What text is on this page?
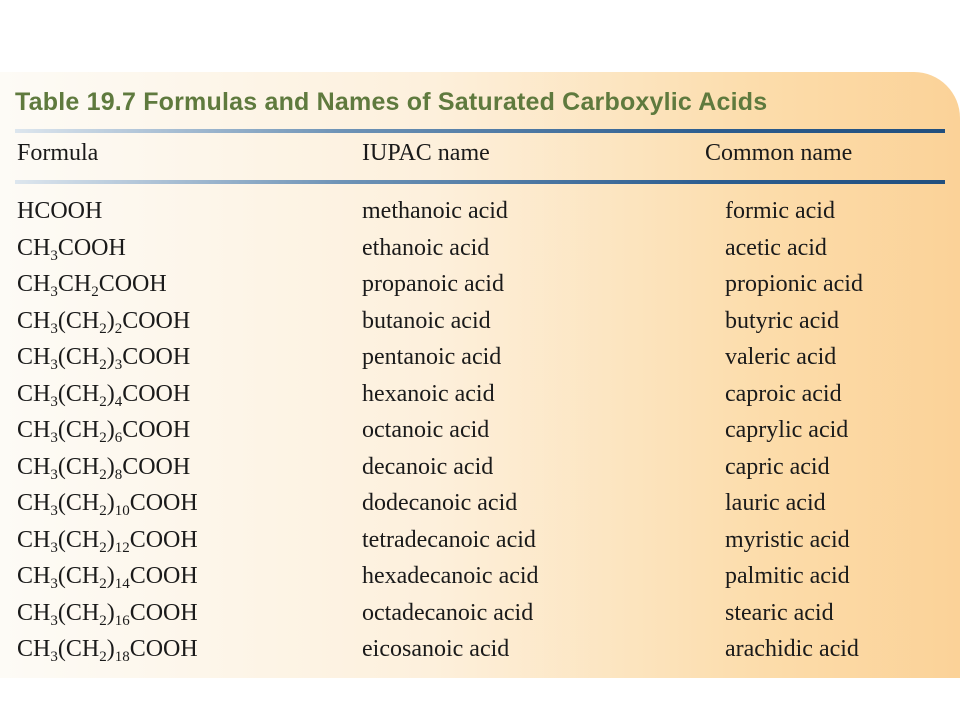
Table 19.7 Formulas and Names of Saturated Carboxylic Acids
Formula	IUPAC name	Common name
HCOOH	methanoic acid	formic acid
$CH_3COOH$	ethanoic acid	acetic acid
$CH_3CH_2COOH$	propanoic acid	propionic acid
$CH_3(CH_2)_2COOH$	butanoic acid	butyric acid
$CH_3(CH_2)_3COOH$	pentanoic acid	valeric acid
$CH_3(CH_2)_4COOH$	hexanoic acid	caproic acid
$CH_3(CH_2)_6COOH$	octanoic acid	caprylic acid
$CH_3(CH_2)_8COOH$	decanoic acid	capric acid
$CH_3(CH_2)_{10}COOH$	dodecanoic acid	lauric acid
$CH_3(CH_2)_{12}COOH$	tetradecanoic acid	myristic acid
$CH_3(CH_2)_{14}COOH$	hexadecanoic acid	palmitic acid
$CH_3(CH_2)_{16}COOH$	octadecanoic acid	stearic acid
$CH_3(CH_2)_{18}COOH$	eicosanoic acid	arachidic acid
